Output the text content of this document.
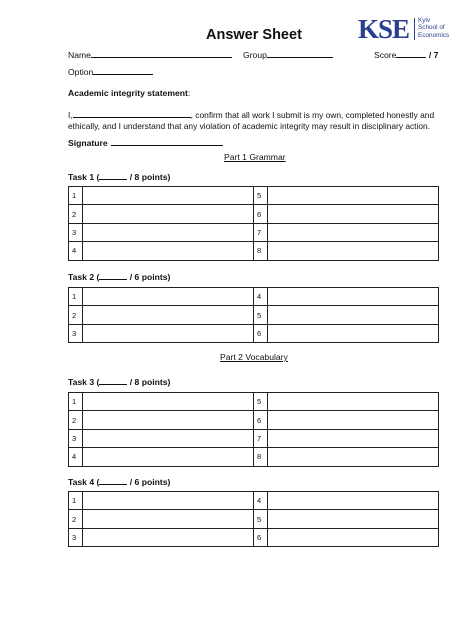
Answer Sheet KSE Kyiv
School of
Economics
Name	Group	Score	/ 7
Option
Academic integrity statement:
I,	, confirm that all work I submit is my own, completed honestly and ethically, and I understand that any violation of academic integrity may result in disciplinary action.
Signature
Part 1 Grammar
Task 1 (	/ 8 points)
1		5	
2		6	
3		7	
4		8	
Task 2 (	/ 6 points)
1		4	
2		5	
3		6	
Part 2 Vocabulary
Task 3 (	/ 8 points)
1		5	
2		6	
3		7	
4		8	
Task 4 (	/ 6 points)
1		4	
2		5	
3		6	
